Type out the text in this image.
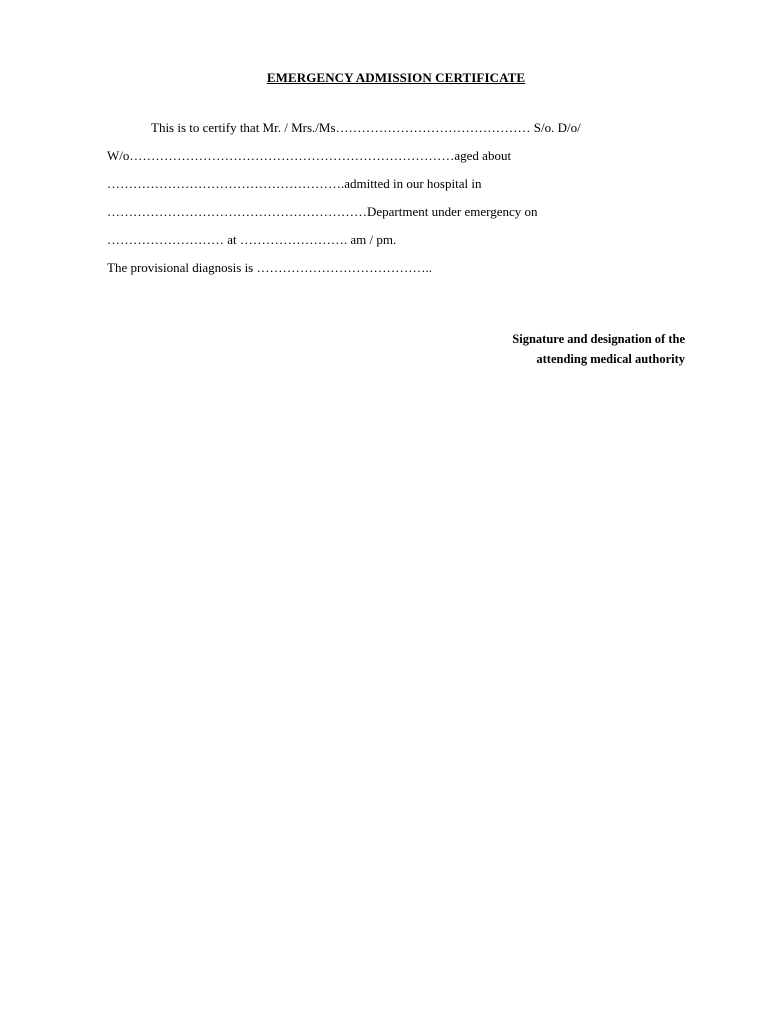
EMERGENCY ADMISSION CERTIFICATE
This is to certify that Mr. / Mrs./Ms……………………………………… S/o. D/o/
W/o…………………………………………………………………aged about
……………………………………………….admitted in our hospital in
……………………………………………………Department under emergency on
……………………… at ……………………. am / pm.
The provisional diagnosis is …………………………………..
Signature and designation of the
attending medical authority
